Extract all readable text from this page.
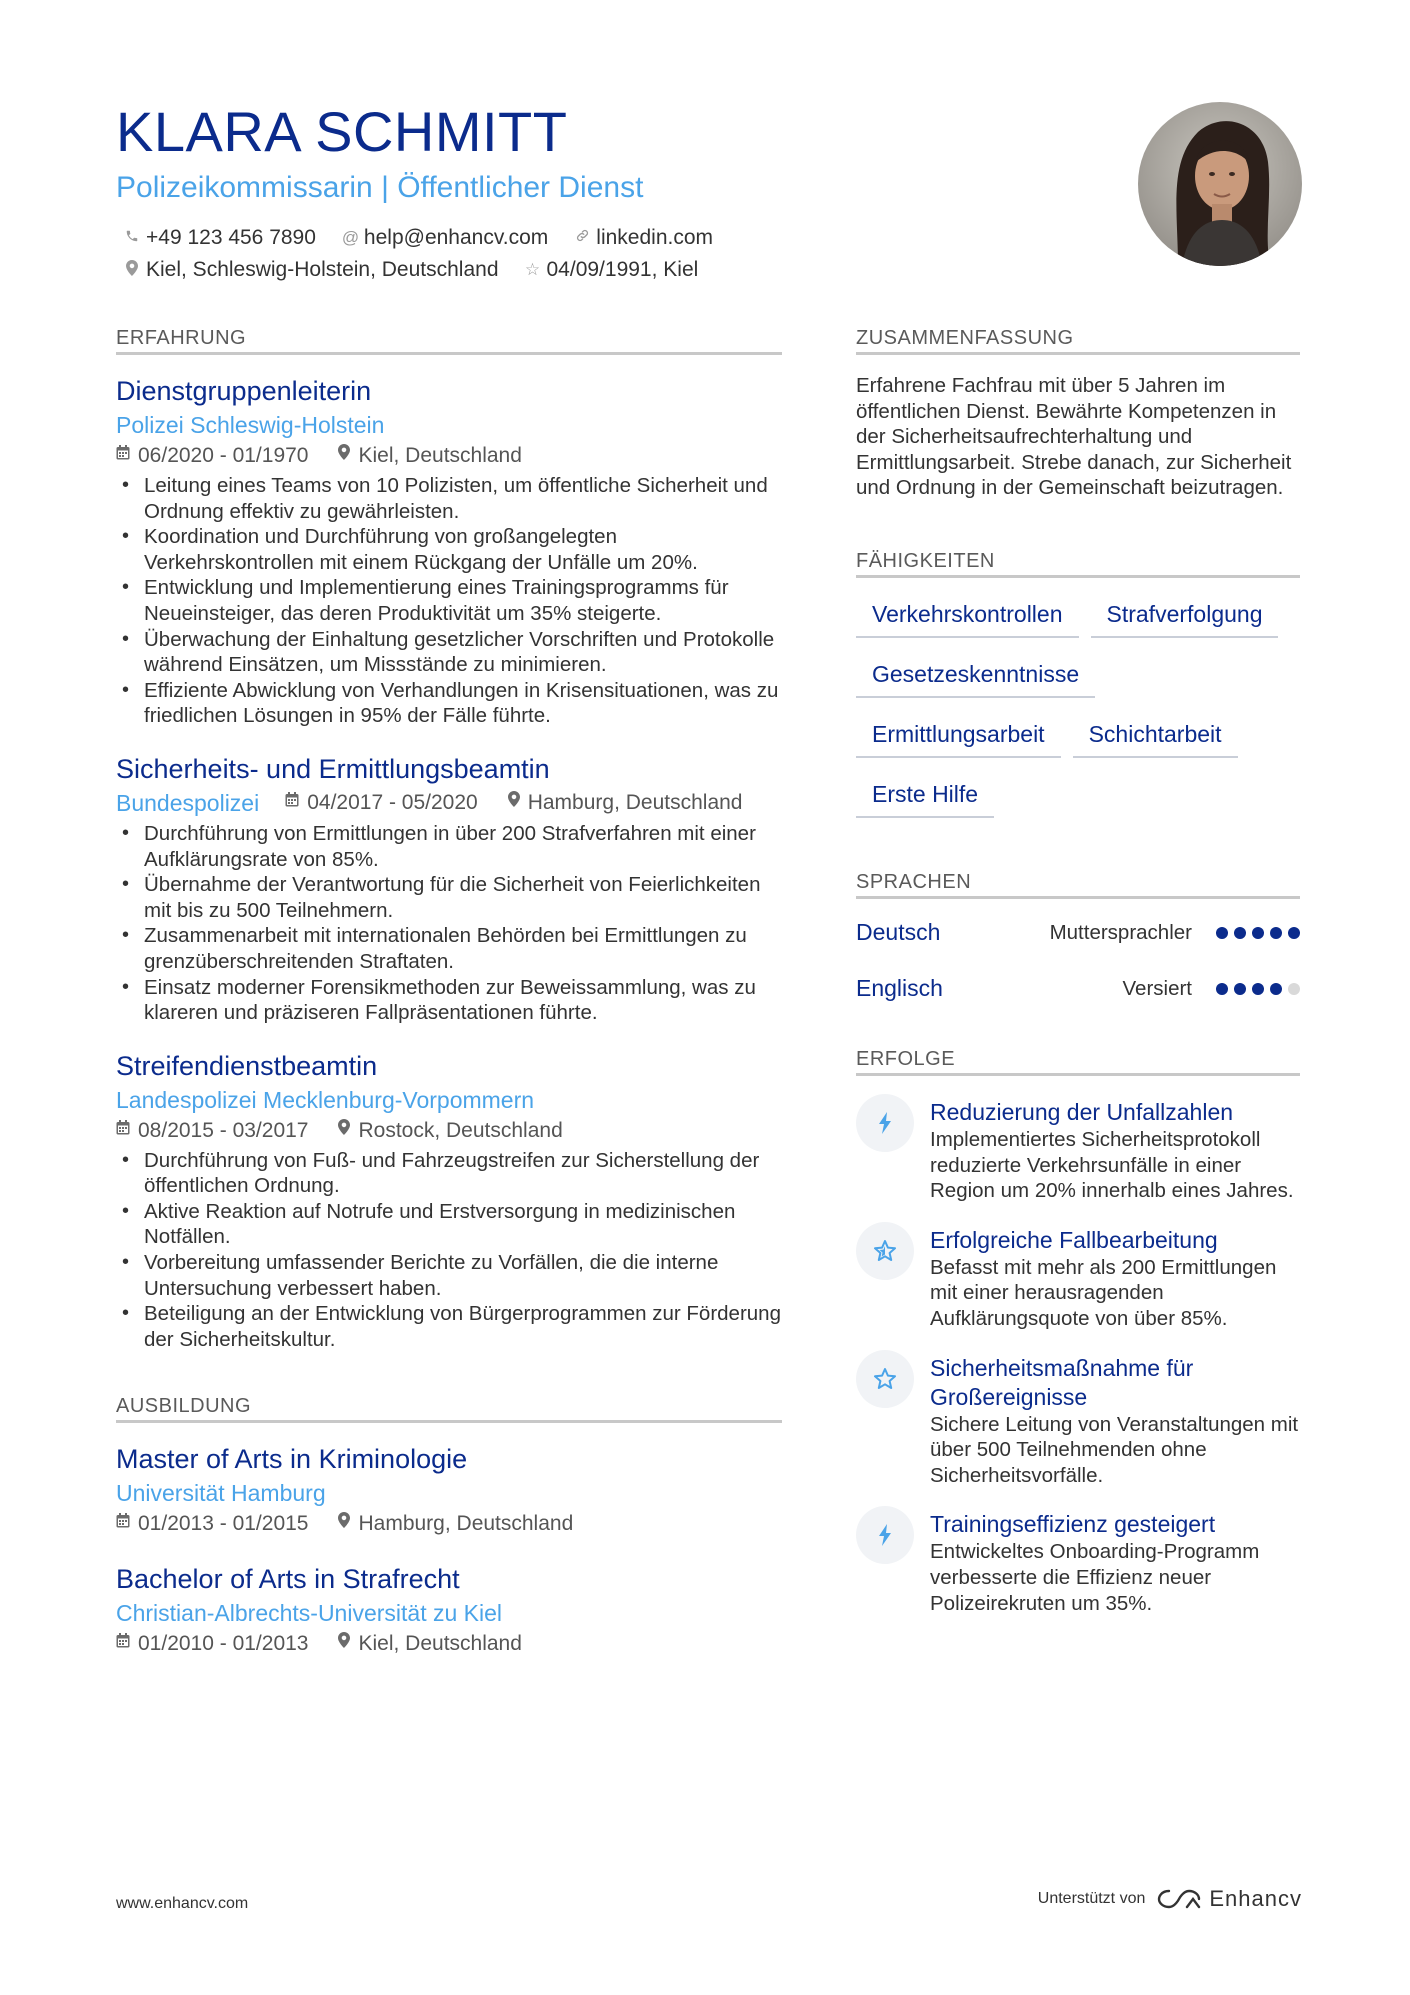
KLARA SCHMITT
Polizeikommissarin | Öffentlicher Dienst
+49 123 456 7890 @ help@enhancv.com linkedin.com
Kiel, Schleswig-Holstein, Deutschland ☆ 04/09/1991, Kiel
ERFAHRUNG
Dienstgruppenleiterin
Polizei Schleswig-Holstein
06/2020 - 01/1970 Kiel, Deutschland
• Leitung eines Teams von 10 Polizisten, um öffentliche Sicherheit und Ordnung effektiv zu gewährleisten.
• Koordination und Durchführung von großangelegten Verkehrskontrollen mit einem Rückgang der Unfälle um 20%.
• Entwicklung und Implementierung eines Trainingsprogramms für Neueinsteiger, das deren Produktivität um 35% steigerte.
• Überwachung der Einhaltung gesetzlicher Vorschriften und Protokolle während Einsätzen, um Missstände zu minimieren.
• Effiziente Abwicklung von Verhandlungen in Krisensituationen, was zu friedlichen Lösungen in 95% der Fälle führte.
Sicherheits- und Ermittlungsbeamtin
Bundespolizei 04/2017 - 05/2020 Hamburg, Deutschland
• Durchführung von Ermittlungen in über 200 Strafverfahren mit einer Aufklärungsrate von 85%.
• Übernahme der Verantwortung für die Sicherheit von Feierlichkeiten mit bis zu 500 Teilnehmern.
• Zusammenarbeit mit internationalen Behörden bei Ermittlungen zu grenzüberschreitenden Straftaten.
• Einsatz moderner Forensikmethoden zur Beweissammlung, was zu klareren und präziseren Fallpräsentationen führte.
Streifendienstbeamtin
Landespolizei Mecklenburg-Vorpommern
08/2015 - 03/2017 Rostock, Deutschland
• Durchführung von Fuß- und Fahrzeugstreifen zur Sicherstellung der öffentlichen Ordnung.
• Aktive Reaktion auf Notrufe und Erstversorgung in medizinischen Notfällen.
• Vorbereitung umfassender Berichte zu Vorfällen, die die interne Untersuchung verbessert haben.
• Beteiligung an der Entwicklung von Bürgerprogrammen zur Förderung der Sicherheitskultur.
AUSBILDUNG
Master of Arts in Kriminologie
Universität Hamburg
01/2013 - 01/2015 Hamburg, Deutschland
Bachelor of Arts in Strafrecht
Christian-Albrechts-Universität zu Kiel
01/2010 - 01/2013 Kiel, Deutschland
ZUSAMMENFASSUNG
Erfahrene Fachfrau mit über 5 Jahren im öffentlichen Dienst. Bewährte Kompetenzen in der Sicherheitsaufrechterhaltung und Ermittlungsarbeit. Strebe danach, zur Sicherheit und Ordnung in der Gemeinschaft beizutragen.
FÄHIGKEITEN
Verkehrskontrollen	Strafverfolgung
Gesetzeskenntnisse
Ermittlungsarbeit	Schichtarbeit
Erste Hilfe
SPRACHEN
Deutsch	Muttersprachler
Englisch	Versiert
ERFOLGE
Reduzierung der Unfallzahlen
Implementiertes Sicherheitsprotokoll reduzierte Verkehrsunfälle in einer Region um 20% innerhalb eines Jahres.
Erfolgreiche Fallbearbeitung
Befasst mit mehr als 200 Ermittlungen mit einer herausragenden Aufklärungsquote von über 85%.
Sicherheitsmaßnahme für Großereignisse
Sichere Leitung von Veranstaltungen mit über 500 Teilnehmenden ohne Sicherheitsvorfälle.
Trainingseffizienz gesteigert
Entwickeltes Onboarding-Programm verbesserte die Effizienz neuer Polizeirekruten um 35%.
www.enhancv.com	Unterstützt von	Enhancv
